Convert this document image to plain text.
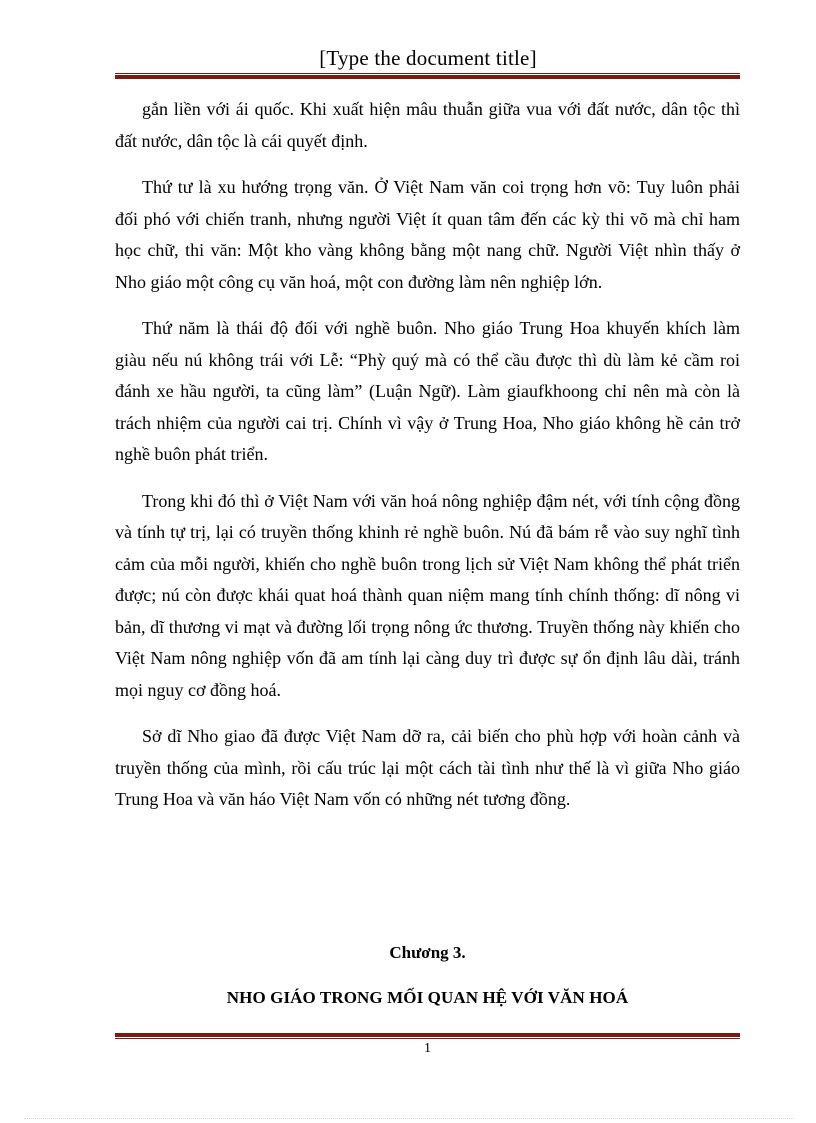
[Type the document title]

gắn liền với ái quốc. Khi xuất hiện mâu thuẫn giữa vua với đất nước, dân tộc thì đất nước, dân tộc là cái quyết định.

Thứ tư là xu hướng trọng văn. Ở Việt Nam văn coi trọng hơn võ: Tuy luôn phải đối phó với chiến tranh, nhưng người Việt ít quan tâm đến các kỳ thi võ mà chỉ ham học chữ, thi văn: Một kho vàng không bằng một nang chữ. Người Việt nhìn thấy ở Nho giáo một công cụ văn hoá, một con đường làm nên nghiệp lớn.

Thứ năm là thái độ đối với nghề buôn. Nho giáo Trung Hoa khuyến khích làm giàu nếu nú không trái với Lễ: “Phỳ quý mà có thể cầu được thì dù làm kẻ cầm roi đánh xe hầu người, ta cũng làm” (Luận Ngữ). Làm giaufkhoong chỉ nên mà còn là trách nhiệm của người cai trị. Chính vì vậy ở Trung Hoa, Nho giáo không hề cản trở nghề buôn phát triển.

Trong khi đó thì ở Việt Nam với văn hoá nông nghiệp đậm nét, với tính cộng đồng và tính tự trị, lại có truyền thống khinh rẻ nghề buôn. Nú đã bám rễ vào suy nghĩ tình cảm của mỗi người, khiến cho nghề buôn trong lịch sử Việt Nam không thể phát triển được; nú còn được khái quat hoá thành quan niệm mang tính chính thống: dĩ nông vi bản, dĩ thương vi mạt và đường lối trọng nông ức thương. Truyền thống này khiến cho Việt Nam nông nghiệp vốn đã am tính lại càng duy trì được sự ổn định lâu dài, tránh mọi nguy cơ đồng hoá.

Sở dĩ Nho giao đã được Việt Nam dỡ ra, cải biến cho phù hợp với hoàn cảnh và truyền thống của mình, rồi cấu trúc lại một cách tài tình như thế là vì giữa Nho giáo Trung Hoa và văn háo Việt Nam vốn có những nét tương đồng.

Chương 3.
NHO GIÁO TRONG MỐI QUAN HỆ VỚI VĂN HOÁ
1
